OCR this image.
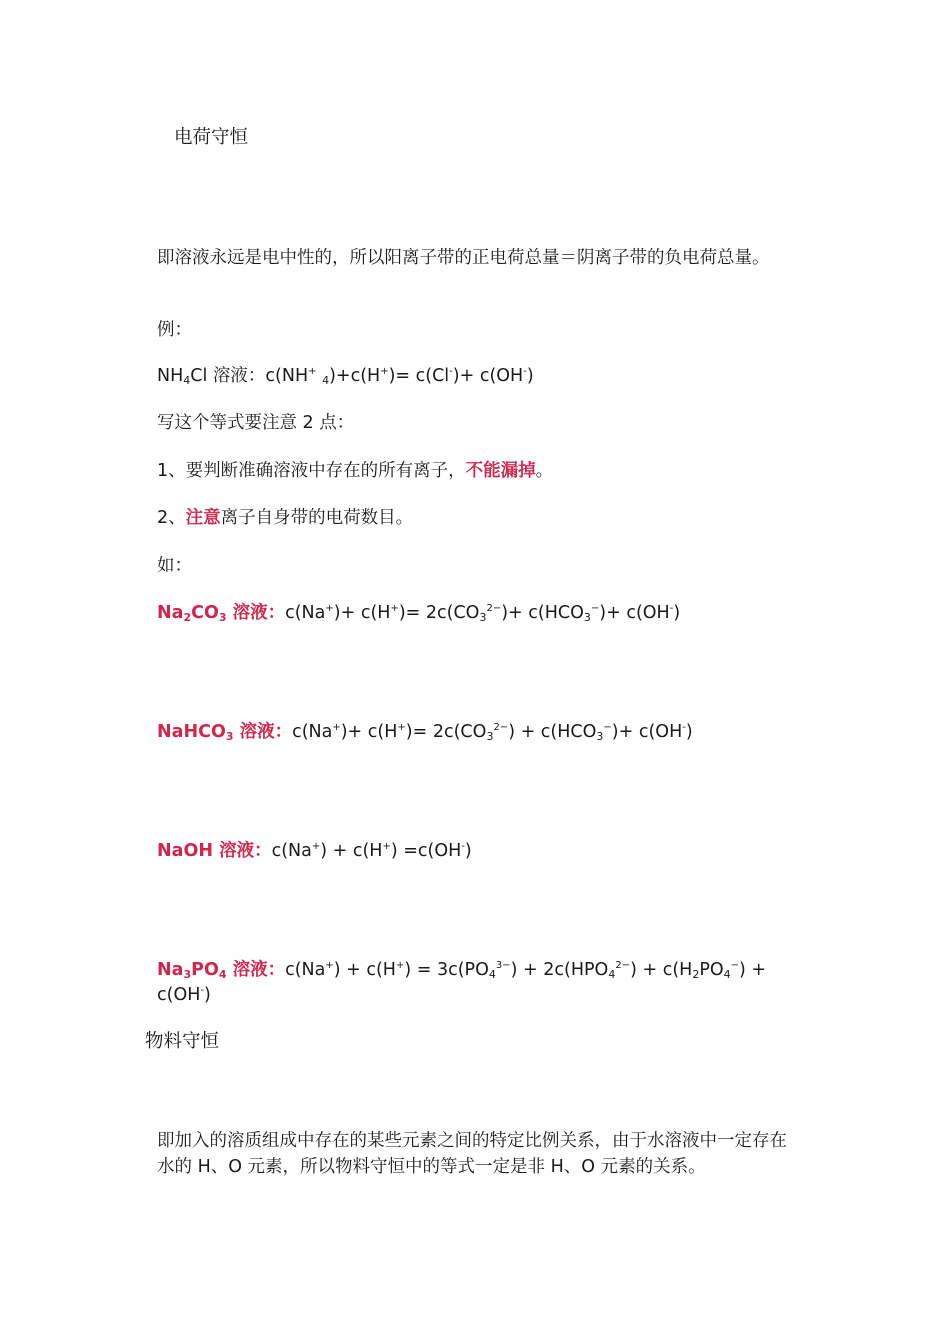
电荷守恒
即溶液永远是电中性的，所以阳离子带的正电荷总量＝阴离子带的负电荷总量。
例：
$NH_4Cl$ 溶液：c(NH+ $_4$)+c(H+)= c(Cl-)+ c(OH-)
写这个等式要注意 2 点：
1、要判断准确溶液中存在的所有离子，不能漏掉。
2、注意离子自身带的电荷数目。
如：
$Na_2CO_3$ 溶液：$c(Na^+)+ c(H^+)= 2c(CO_3^{2-})+ c(HCO_3^-)+ c(OH^-)$
NaHCO$_3$ 溶液：$c(Na^+)+ c(H^+)= 2c(CO_3^{2-}) + c(HCO_3^-)+ c(OH^-)$
NaOH 溶液：c(Na+) + c(H+) =c(OH-)
$Na_3PO_4$ 溶液：$c(Na^+) + c(H^+) = 3c(PO_4^{3-}) + 2c(HPO_4^{2-}) + c(H_2PO_4^-)$ +
c(OH-)
物料守恒
即加入的溶质组成中存在的某些元素之间的特定比例关系，由于水溶液中一定存在水的 H、O 元素，所以物料守恒中的等式一定是非 H、O 元素的关系。
